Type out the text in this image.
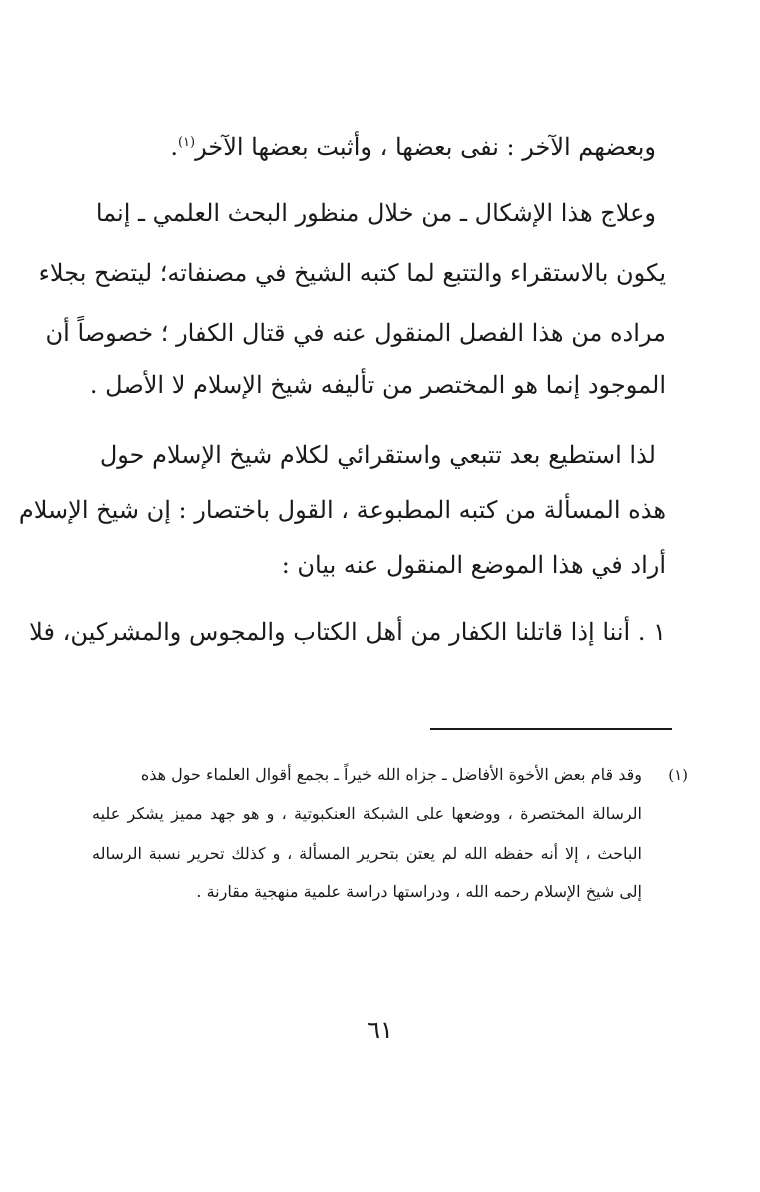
وبعضهم الآخر : نفى بعضها ، وأثبت بعضها الآخر$^{(١)}$.
وعلاج هذا الإشكال ـ من خلال منظور البحث العلمي ـ إنما
يكون بالاستقراء والتتبع لما كتبه الشيخ في مصنفاته؛ ليتضح بجلاء
مراده من هذا الفصل المنقول عنه في قتال الكفار ؛ خصوصاً أن
الموجود إنما هو المختصر من تأليفه شيخ الإسلام لا الأصل .
لذا استطيع بعد تتبعي واستقرائي لكلام شيخ الإسلام حول
هذه المسألة من كتبه المطبوعة ، القول باختصار : إن شيخ الإسلام
أراد في هذا الموضع المنقول عنه بيان :
١ . أننا إذا قاتلنا الكفار من أهل الكتاب والمجوس والمشركين، فلا
(١)
وقد قام بعض الأخوة الأفاضل ـ جزاه الله خيراً ـ بجمع أقوال العلماء حول هذه
الرسالة المختصرة ، ووضعها على الشبكة العنكبوتية ، و هو جهد مميز يشكر عليه
الباحث ، إلا أنه حفظه الله لم يعتن بتحرير المسألة ، و كذلك تحرير نسبة الرساله
إلى شيخ الإسلام رحمه الله ، ودراستها دراسة علمية منهجية مقارنة .
٦١
